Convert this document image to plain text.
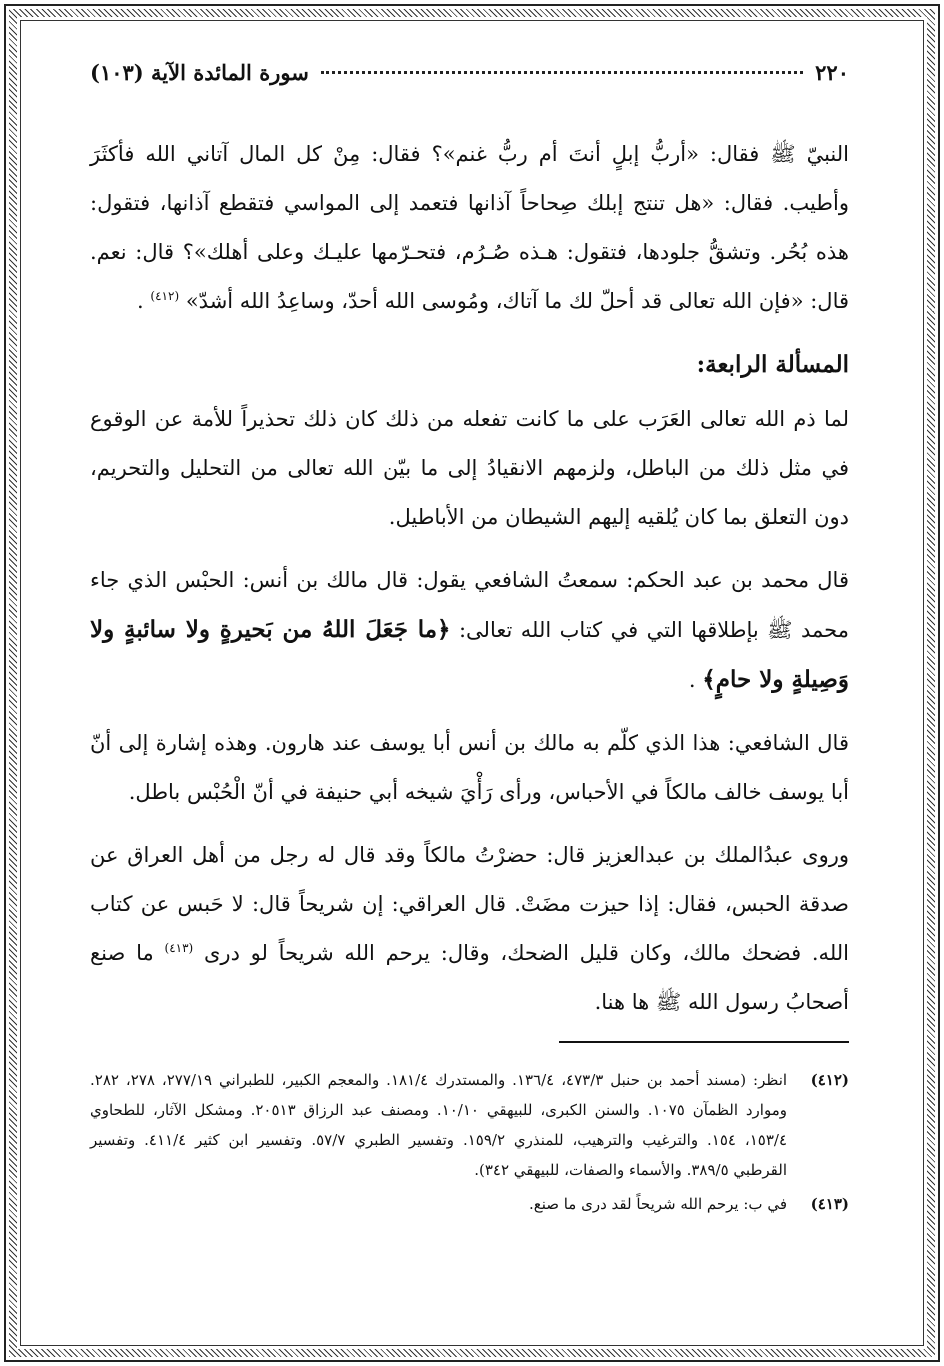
٢٢٠
سورة المائدة الآية (١٠٣)

النبيّ ﷺ فقال: «أربُّ إبلٍ أنتَ أم ربُّ غنم»؟ فقال: مِنْ كل المال آتاني الله فأكثَرَ وأطيب. فقال: «هل تنتج إبلك صِحاحاً آذانها فتعمد إلى المواسي فتقطع آذانها، فتقول: هذه بُحُر. وتشقُّ جلودها، فتقول: هـذه صُـرُم، فتحـرّمها عليـك وعلى أهلك»؟ قال: نعم. قال: «فإن الله تعالى قد أحلّ لك ما آتاك، ومُوسى الله أحدّ، وساعِدُ الله أشدّ» $^{(٤١٢)}$ .

المسألة الرابعة:

لما ذم الله تعالى العَرَب على ما كانت تفعله من ذلك كان ذلك تحذيراً للأمة عن الوقوع في مثل ذلك من الباطل، ولزمهم الانقيادُ إلى ما بيّن الله تعالى من التحليل والتحريم، دون التعلق بما كان يُلقيه إليهم الشيطان من الأباطيل.

قال محمد بن عبد الحكم: سمعتُ الشافعي يقول: قال مالك بن أنس: الحبْس الذي جاء محمد ﷺ بإطلاقها التي في كتاب الله تعالى: ﴿ما جَعَلَ اللهُ من بَحيرةٍ ولا سائبةٍ ولا وَصِيلةٍ ولا حامٍ﴾ .

قال الشافعي: هذا الذي كلّم به مالك بن أنس أبا يوسف عند هارون. وهذه إشارة إلى أنّ أبا يوسف خالف مالكاً في الأحباس، ورأى رَأْيَ شيخه أبي حنيفة في أنّ الْحُبْس باطل.

وروى عبدُالملك بن عبدالعزيز قال: حضرْتُ مالكاً وقد قال له رجل من أهل العراق عن صدقة الحبس، فقال: إذا حيزت مضَتْ. قال العراقي: إن شريحاً قال: لا حَبس عن كتاب الله. فضحك مالك، وكان قليل الضحك، وقال: يرحم الله شريحاً لو درى $^{(٤١٣)}$ ما صنع أصحابُ رسول الله ﷺ ها هنا.

(٤١٢)
انظر: (مسند أحمد بن حنبل ٤٧٣/٣، ١٣٦/٤. والمستدرك ١٨١/٤. والمعجم الكبير، للطبراني ٢٧٧/١٩، ٢٧٨، ٢٨٢. وموارد الظمآن ١٠٧٥. والسنن الكبرى، للبيهقي ١٠/١٠. ومصنف عبد الرزاق ٢٠٥١٣. ومشكل الآثار، للطحاوي ١٥٣/٤، ١٥٤. والترغيب والترهيب، للمنذري ١٥٩/٢. وتفسير الطبري ٥٧/٧. وتفسير ابن كثير ٤١١/٤. وتفسير القرطبي ٣٨٩/٥. والأسماء والصفات، للبيهقي ٣٤٢).
(٤١٣)
في ب: يرحم الله شريحاً لقد درى ما صنع.
